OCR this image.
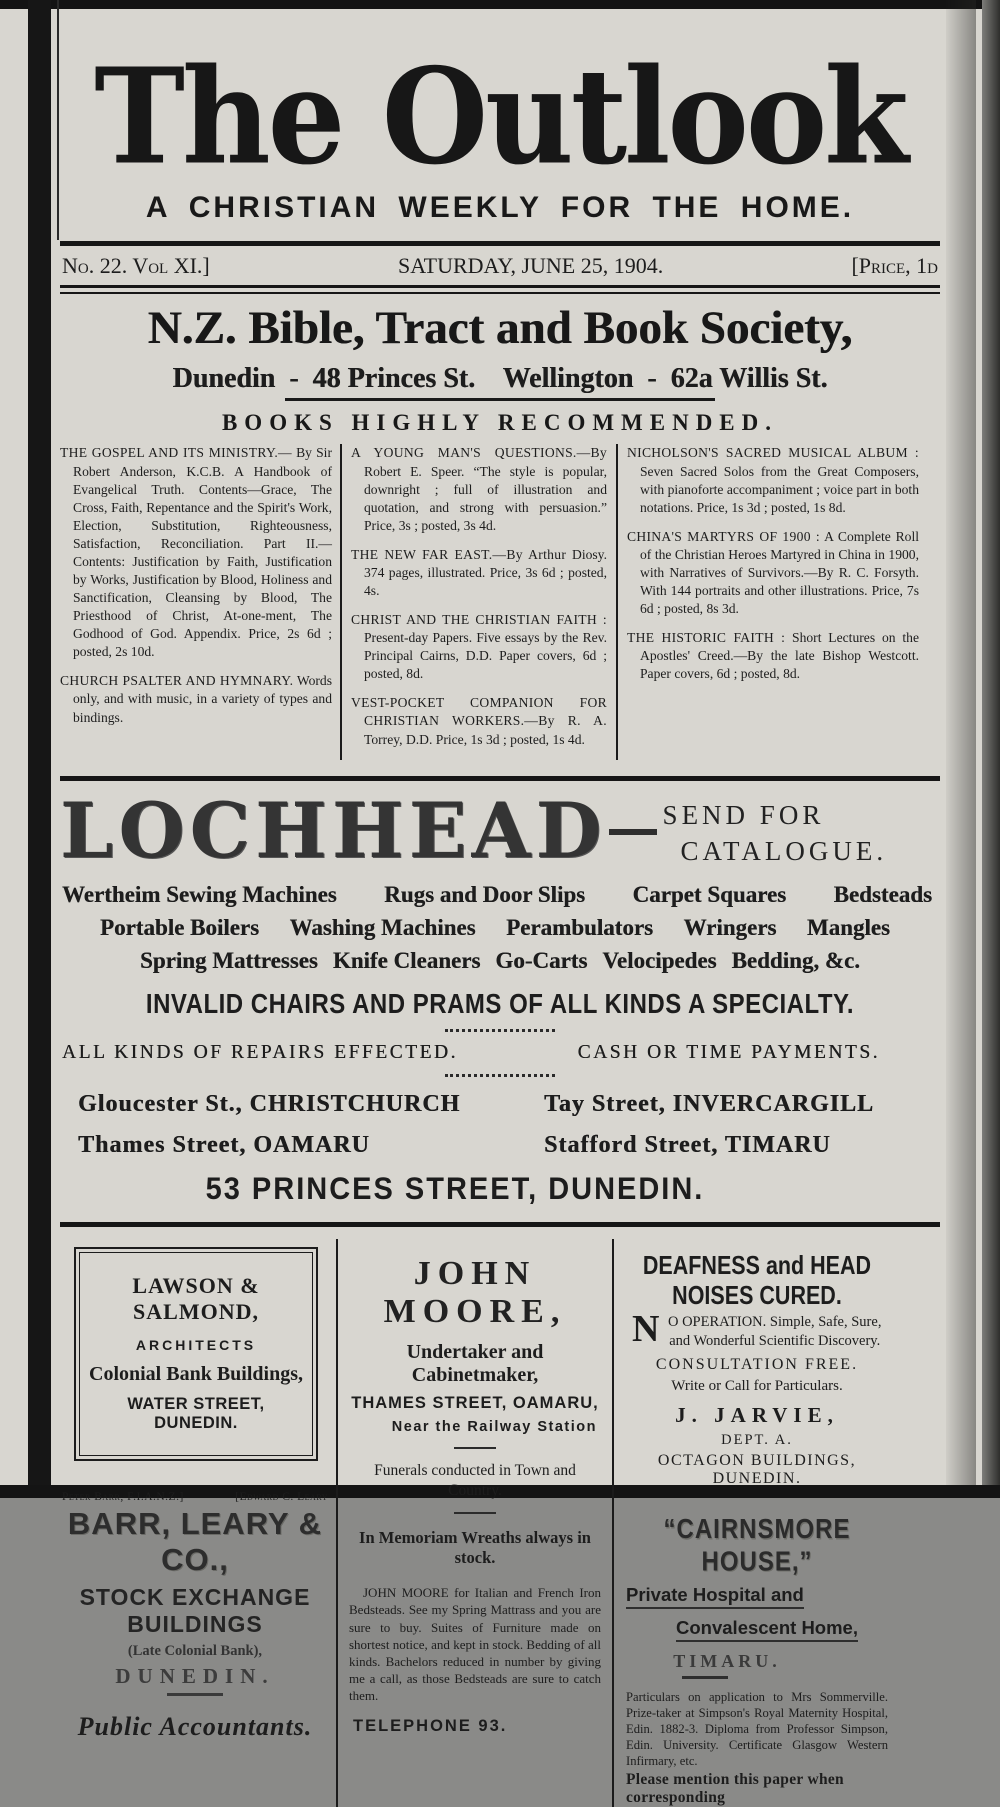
The Outlook
A CHRISTIAN WEEKLY FOR THE HOME.
No. 22. Vol XI.]	SATURDAY, JUNE 25, 1904.	[Price, 1d
N.Z. Bible, Tract and Book Society,
Dunedin  -  48 Princes St.    Wellington  -  62a Willis St.
BOOKS HIGHLY RECOMMENDED.

THE GOSPEL AND ITS MINISTRY.— By Sir Robert Anderson, K.C.B. A Handbook of Evangelical Truth. Contents—Grace, The Cross, Faith, Repentance and the Spirit's Work, Election, Substitution, Righteousness, Satisfaction, Reconciliation. Part II.—Contents: Justification by Faith, Justification by Works, Justification by Blood, Holiness and Sanctification, Cleansing by Blood, The Priesthood of Christ, At-one-ment, The Godhood of God. Appendix. Price, 2s 6d ; posted, 2s 10d.

CHURCH PSALTER AND HYMNARY. Words only, and with music, in a variety of types and bindings.

A YOUNG MAN'S QUESTIONS.—By Robert E. Speer. “The style is popular, downright ; full of illustration and quotation, and strong with persuasion.” Price, 3s ; posted, 3s 4d.

THE NEW FAR EAST.—By Arthur Diosy. 374 pages, illustrated. Price, 3s 6d ; posted, 4s.

CHRIST AND THE CHRISTIAN FAITH : Present-day Papers. Five essays by the Rev. Principal Cairns, D.D. Paper covers, 6d ; posted, 8d.

VEST-POCKET COMPANION FOR CHRISTIAN WORKERS.—By R. A. Torrey, D.D. Price, 1s 3d ; posted, 1s 4d.

NICHOLSON'S SACRED MUSICAL ALBUM : Seven Sacred Solos from the Great Composers, with pianoforte accompaniment ; voice part in both notations. Price, 1s 3d ; posted, 1s 8d.

CHINA'S MARTYRS OF 1900 : A Complete Roll of the Christian Heroes Martyred in China in 1900, with Narratives of Survivors.—By R. C. Forsyth. With 144 portraits and other illustrations. Price, 7s 6d ; posted, 8s 3d.

THE HISTORIC FAITH : Short Lectures on the Apostles' Creed.—By the late Bishop Westcott. Paper covers, 6d ; posted, 8d.

LOCHHEAD SEND FOR
CATALOGUE.
Wertheim Sewing Machines Rugs and Door Slips Carpet Squares Bedsteads
Portable Boilers Washing Machines Perambulators Wringers Mangles
Spring Mattresses Knife Cleaners Go-Carts Velocipedes Bedding, &c.
INVALID CHAIRS AND PRAMS OF ALL KINDS A SPECIALTY.
ALL KINDS OF REPAIRS EFFECTED.	CASH OR TIME PAYMENTS.
Gloucester St., CHRISTCHURCH	Tay Street, INVERCARGILL
Thames Street, OAMARU	Stafford Street, TIMARU
53 PRINCES STREET, DUNEDIN.
LAWSON & SALMOND,
ARCHITECTS
Colonial Bank Buildings,
WATER STREET, DUNEDIN.
Peter Barr, F.I.A.N.Z.]	[Edward C. Leary
BARR, LEARY & CO.,
STOCK EXCHANGE BUILDINGS
(Late Colonial Bank),
DUNEDIN.
Public Accountants.
JOHN MOORE,
Undertaker and Cabinetmaker,
THAMES STREET, OAMARU,
Near the Railway Station
Funerals conducted in Town and Country.
In Memoriam Wreaths always in stock.
JOHN MOORE for Italian and French Iron Bedsteads. See my Spring Mattrass and you are sure to buy. Suites of Furniture made on shortest notice, and kept in stock. Bedding of all kinds. Bachelors reduced in number by giving me a call, as those Bedsteads are sure to catch them.
TELEPHONE 93.
DEAFNESS and HEAD NOISES CURED.
N O OPERATION. Simple, Safe, Sure, and Wonderful Scientific Discovery.
CONSULTATION FREE.
Write or Call for Particulars.
J. JARVIE,
DEPT. A.
OCTAGON BUILDINGS, DUNEDIN.
“CAIRNSMORE HOUSE,”
Private Hospital and
Convalescent Home,
TIMARU.
Particulars on application to Mrs Sommerville. Prize-taker at Simpson's Royal Maternity Hospital, Edin. 1882-3. Diploma from Professor Simpson, Edin. University. Certificate Glasgow Western Infirmary, etc.
Please mention this paper when corresponding
